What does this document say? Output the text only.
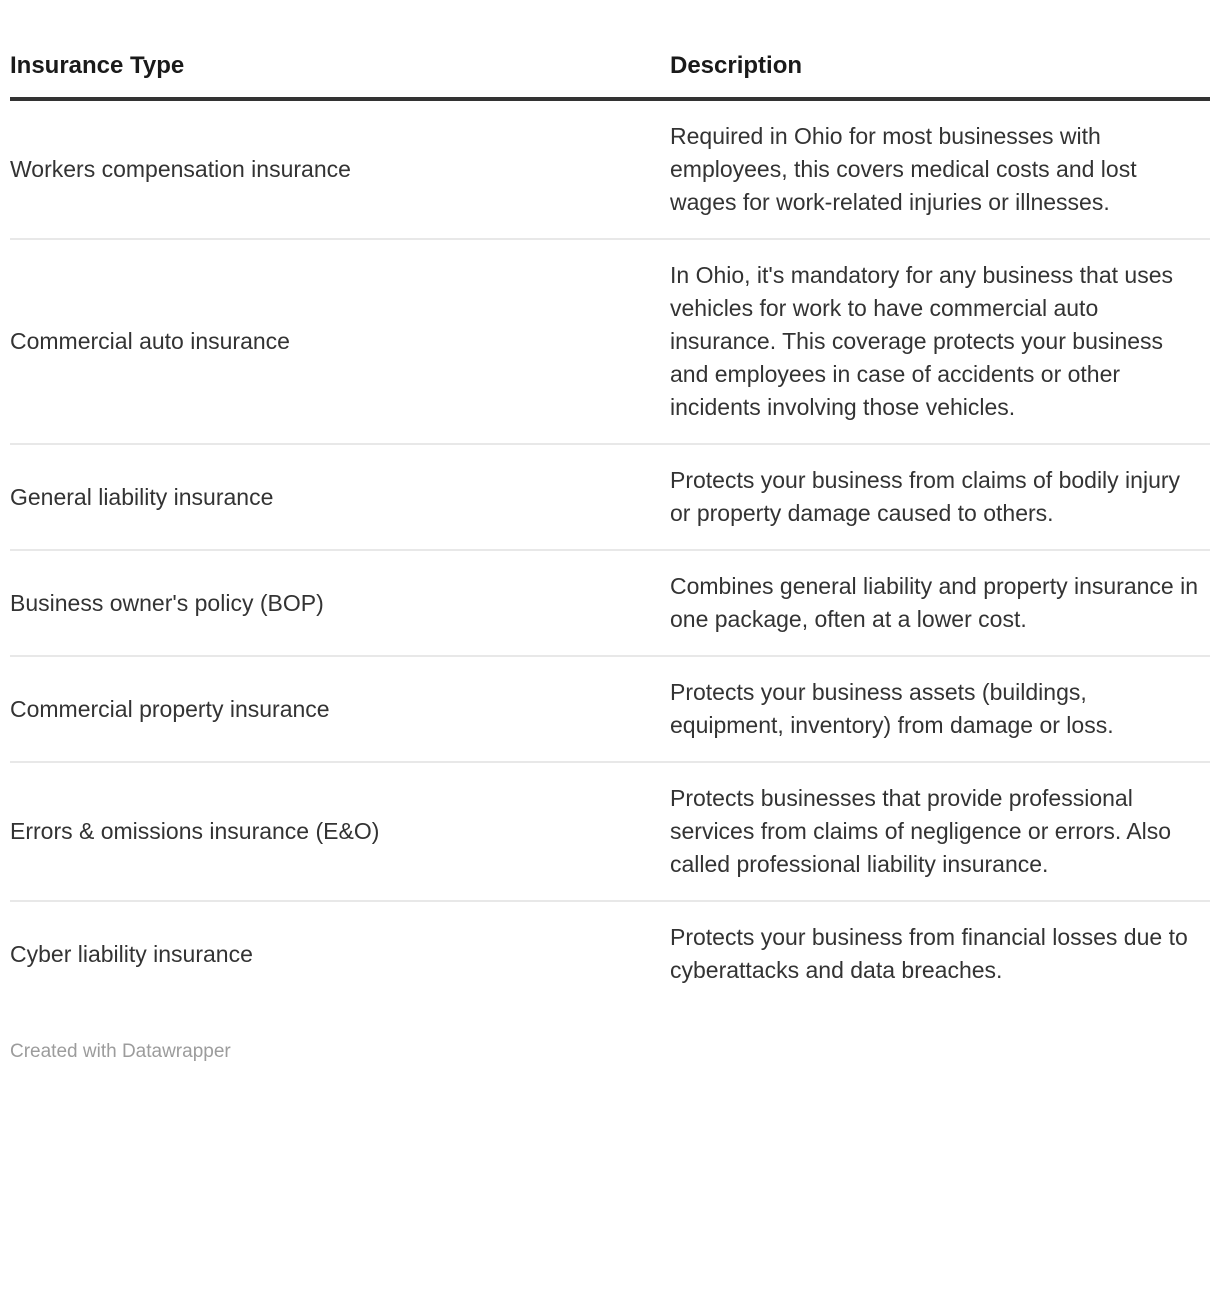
Insurance Type	Description
Workers compensation insurance	Required in Ohio for most businesses with employees, this covers medical costs and lost wages for work-related injuries or illnesses.
Commercial auto insurance	In Ohio, it's mandatory for any business that uses vehicles for work to have commercial auto insurance. This coverage protects your business and employees in case of accidents or other incidents involving those vehicles.
General liability insurance	Protects your business from claims of bodily injury or property damage caused to others.
Business owner's policy (BOP)	Combines general liability and property insurance in one package, often at a lower cost.
Commercial property insurance	Protects your business assets (buildings, equipment, inventory) from damage or loss.
Errors & omissions insurance (E&O)	Protects businesses that provide professional services from claims of negligence or errors. Also called professional liability insurance.
Cyber liability insurance	Protects your business from financial losses due to cyberattacks and data breaches.
Created with Datawrapper
